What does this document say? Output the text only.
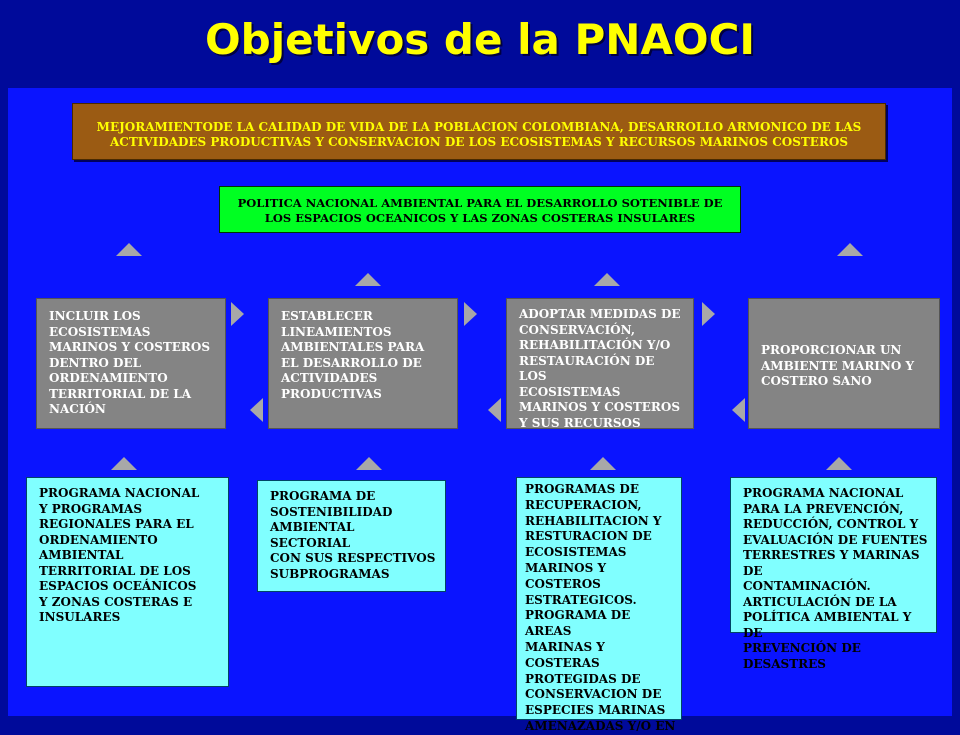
Objetivos de la PNAOCI
MEJORAMIENTODE LA CALIDAD DE VIDA DE LA POBLACION COLOMBIANA, DESARROLLO ARMONICO DE LAS
ACTIVIDADES PRODUCTIVAS Y CONSERVACION DE LOS ECOSISTEMAS Y RECURSOS MARINOS COSTEROS
POLITICA NACIONAL AMBIENTAL PARA EL DESARROLLO SOTENIBLE DE
LOS ESPACIOS OCEANICOS Y LAS ZONAS COSTERAS INSULARES
INCLUIR LOS
ECOSISTEMAS
MARINOS Y COSTEROS
DENTRO DEL
ORDENAMIENTO
TERRITORIAL DE LA
NACIÓN
ESTABLECER
LINEAMIENTOS
AMBIENTALES PARA
EL DESARROLLO DE
ACTIVIDADES
PRODUCTIVAS
ADOPTAR MEDIDAS DE
CONSERVACIÓN,
REHABILITACIÓN Y/O
RESTAURACIÓN DE LOS
ECOSISTEMAS
MARINOS Y COSTEROS
Y SUS RECURSOS
PROPORCIONAR UN
AMBIENTE MARINO Y
COSTERO SANO
PROGRAMA NACIONAL
Y PROGRAMAS
REGIONALES PARA EL
ORDENAMIENTO
AMBIENTAL
TERRITORIAL DE LOS
ESPACIOS OCEÁNICOS
Y ZONAS COSTERAS E
INSULARES
PROGRAMA DE
SOSTENIBILIDAD
AMBIENTAL SECTORIAL
CON SUS RESPECTIVOS
SUBPROGRAMAS
PROGRAMAS DE
RECUPERACION,
REHABILITACION Y
RESTURACION DE
ECOSISTEMAS
MARINOS Y
COSTEROS
ESTRATEGICOS.
PROGRAMA DE AREAS
MARINAS Y COSTERAS
PROTEGIDAS DE
CONSERVACION DE
ESPECIES MARINAS
AMENAZADAS Y/O EN
PROGRAMA NACIONAL
PARA LA PREVENCIÓN,
REDUCCIÓN, CONTROL Y
EVALUACIÓN DE FUENTES
TERRESTRES Y MARINAS DE
CONTAMINACIÓN.
ARTICULACIÓN DE LA
POLÍTICA AMBIENTAL Y DE
PREVENCIÓN DE DESASTRES
